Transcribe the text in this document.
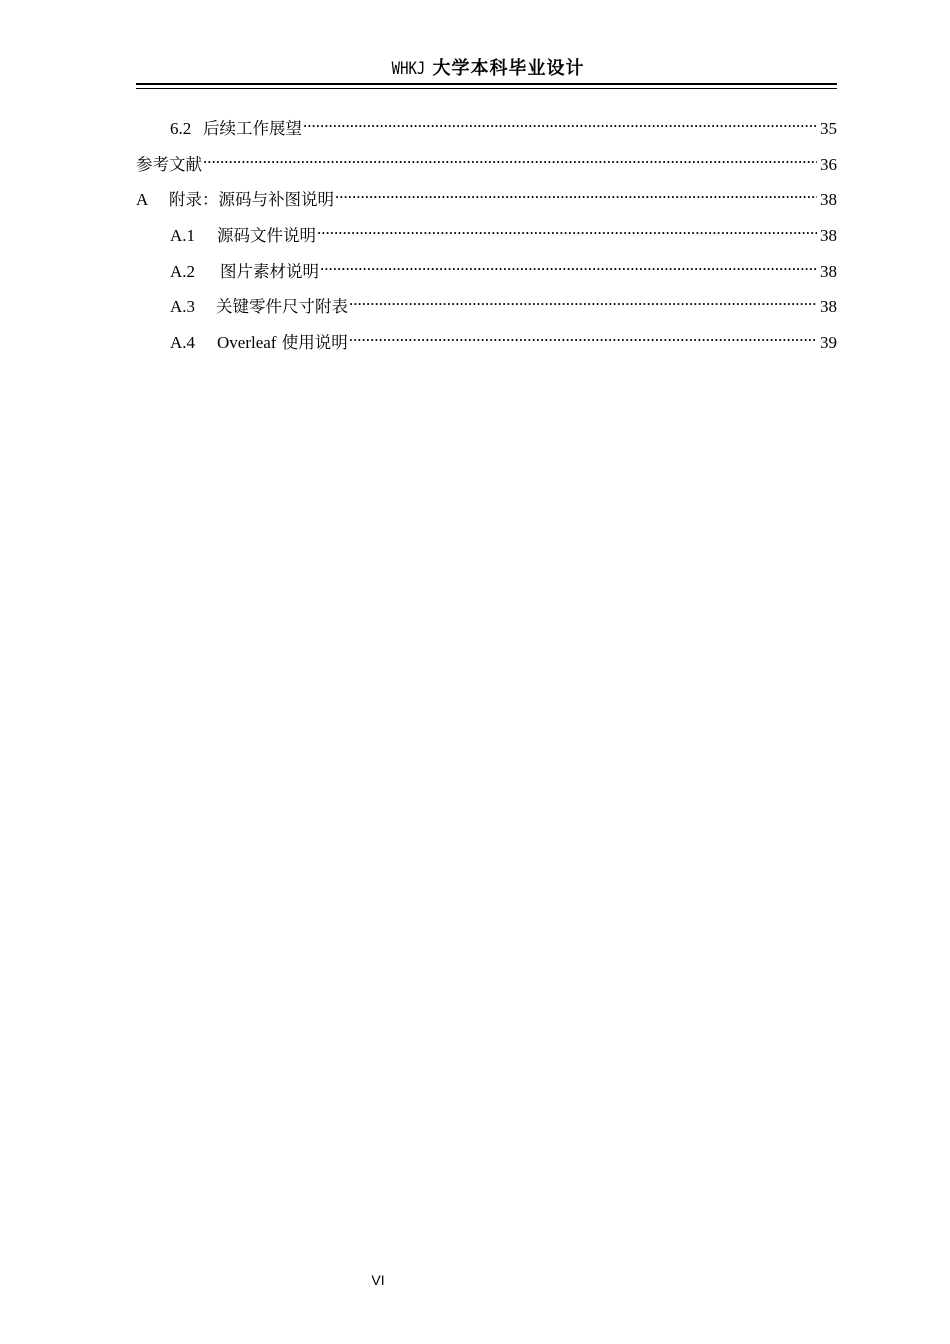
WHKJ 大学本科毕业设计
6.2 后续工作展望 .....	35
参考文献 .....	36
A	附录：源码与补图说明 .....	38
A.1	源码文件说明 .....	38
A.2	图片素材说明 .....	38
A.3	关键零件尺寸附表 .....	38
A.4	Overleaf 使用说明 .....	39
VI
